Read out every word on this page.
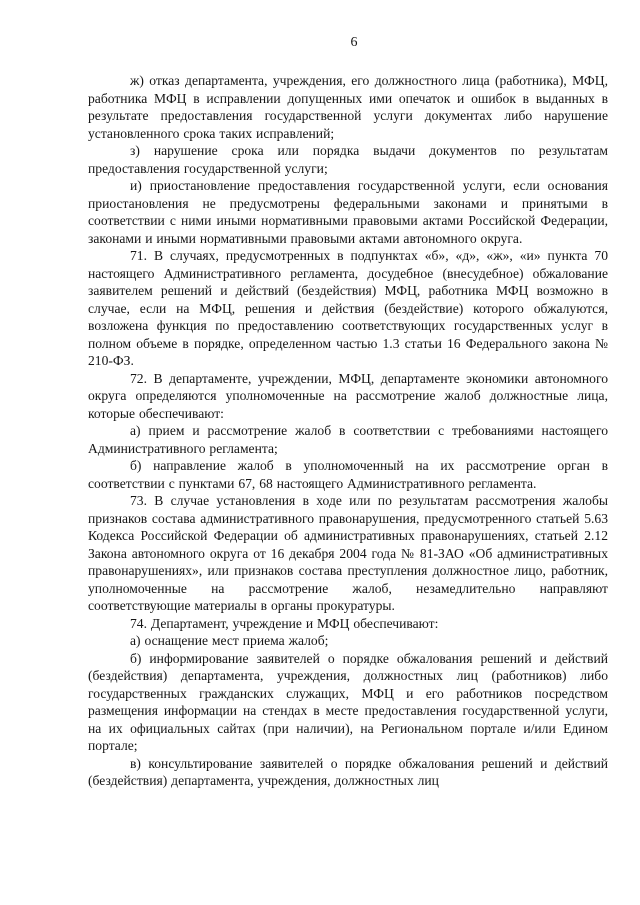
6

ж) отказ департамента, учреждения, его должностного лица (работника), МФЦ, работника МФЦ в исправлении допущенных ими опечаток и ошибок в выданных в результате предоставления государственной услуги документах либо нарушение установленного срока таких исправлений;

з) нарушение срока или порядка выдачи документов по результатам предоставления государственной услуги;

и) приостановление предоставления государственной услуги, если основания приостановления не предусмотрены федеральными законами и принятыми в соответствии с ними иными нормативными правовыми актами Российской Федерации, законами и иными нормативными правовыми актами автономного округа.

71. В случаях, предусмотренных в подпунктах «б», «д», «ж», «и» пункта 70 настоящего Административного регламента, досудебное (внесудебное) обжалование заявителем решений и действий (бездействия) МФЦ, работника МФЦ возможно в случае, если на МФЦ, решения и действия (бездействие) которого обжалуются, возложена функция по предоставлению соответствующих государственных услуг в полном объеме в порядке, определенном частью 1.3 статьи 16 Федерального закона № 210-ФЗ.

72. В департаменте, учреждении, МФЦ, департаменте экономики автономного округа определяются уполномоченные на рассмотрение жалоб должностные лица, которые обеспечивают:

а) прием и рассмотрение жалоб в соответствии с требованиями настоящего Административного регламента;

б) направление жалоб в уполномоченный на их рассмотрение орган в соответствии с пунктами 67, 68 настоящего Административного регламента.

73. В случае установления в ходе или по результатам рассмотрения жалобы признаков состава административного правонарушения, предусмотренного статьей 5.63 Кодекса Российской Федерации об административных правонарушениях, статьей 2.12 Закона автономного округа от 16 декабря 2004 года № 81-ЗАО «Об административных правонарушениях», или признаков состава преступления должностное лицо, работник, уполномоченные на рассмотрение жалоб, незамедлительно направляют соответствующие материалы в органы прокуратуры.

74. Департамент, учреждение и МФЦ обеспечивают:

а) оснащение мест приема жалоб;

б) информирование заявителей о порядке обжалования решений и действий (бездействия) департамента, учреждения, должностных лиц (работников) либо государственных гражданских служащих, МФЦ и его работников посредством размещения информации на стендах в месте предоставления государственной услуги, на их официальных сайтах (при наличии), на Региональном портале и/или Едином портале;

в) консультирование заявителей о порядке обжалования решений и действий (бездействия) департамента, учреждения, должностных лиц
